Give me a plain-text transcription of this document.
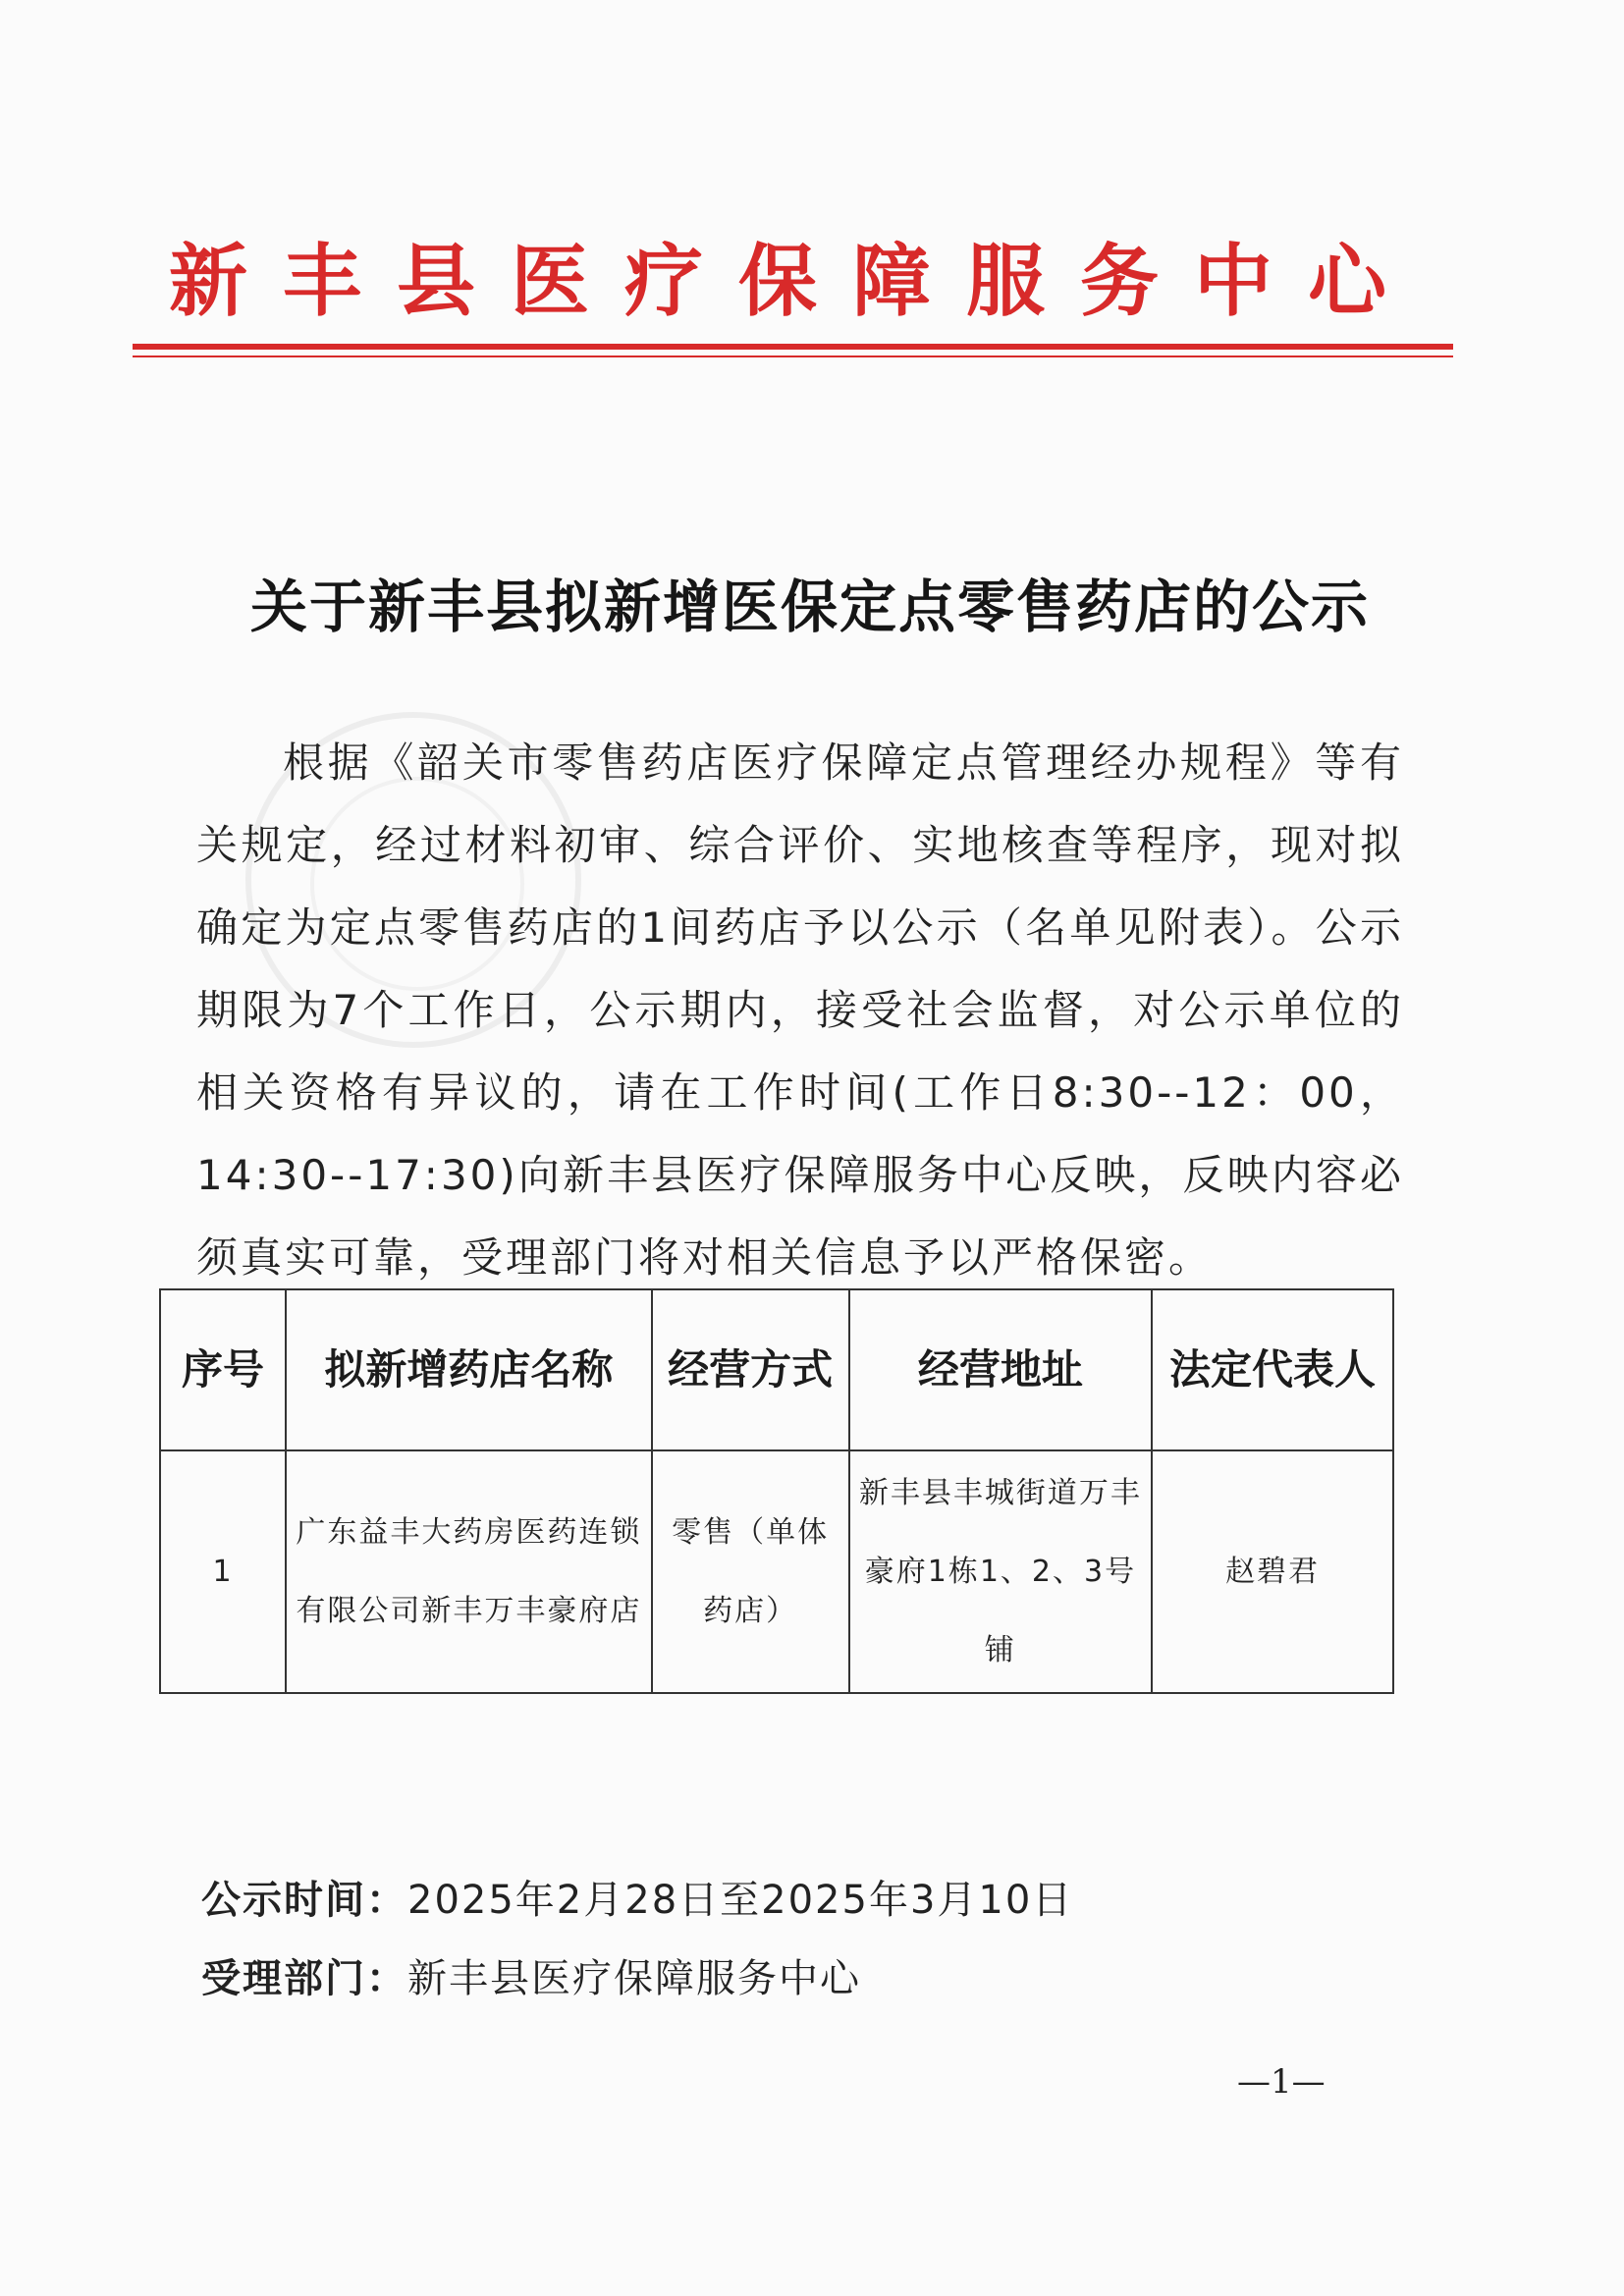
新丰县医疗保障服务中心
关于新丰县拟新增医保定点零售药店的公示
根据《韶关市零售药店医疗保障定点管理经办规程》等有关规定，经过材料初审、综合评价、实地核查等程序，现对拟确定为定点零售药店的1间药店予以公示（名单见附表）。公示期限为7个工作日，公示期内，接受社会监督，对公示单位的相关资格有异议的，请在工作时间(工作日8:30--12：00，14:30--17:30)向新丰县医疗保障服务中心反映，反映内容必须真实可靠，受理部门将对相关信息予以严格保密。
序号	拟新增药店名称	经营方式	经营地址	法定代表人
1	广东益丰大药房医药连锁有限公司新丰万丰豪府店	零售（单体药店）	新丰县丰城街道万丰豪府1栋1、2、3号铺	赵碧君
公示时间：2025年2月28日至2025年3月10日
受理部门：新丰县医疗保障服务中心
—1—
